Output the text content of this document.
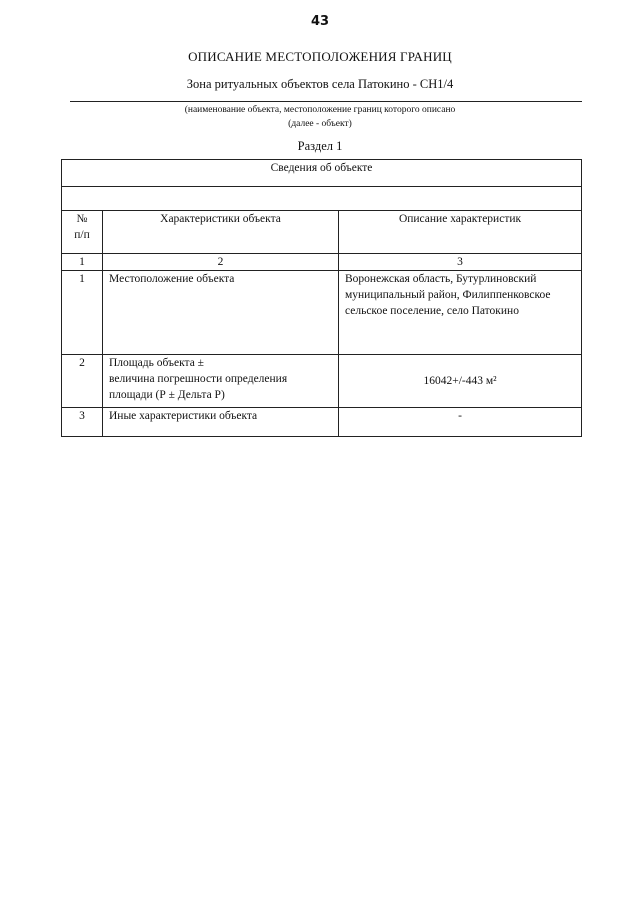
43
ОПИСАНИЕ МЕСТОПОЛОЖЕНИЯ ГРАНИЦ
Зона ритуальных объектов села Патокино - СН1/4
(наименование объекта, местоположение границ которого описано
(далее - объект)
Раздел 1
Сведения об объекте		

№
п/п	Характеристики объекта	Описание характеристик
1	2	3
1	Местоположение объекта	Воронежская область, Бутурлиновский
муниципальный район, Филиппенковское
сельское поселение, село Патокино

2	Площадь объекта ±
величина погрешности определения
площади (Р ± Дельта Р)	16042+/-443 м²

3	Иные характеристики объекта	-
